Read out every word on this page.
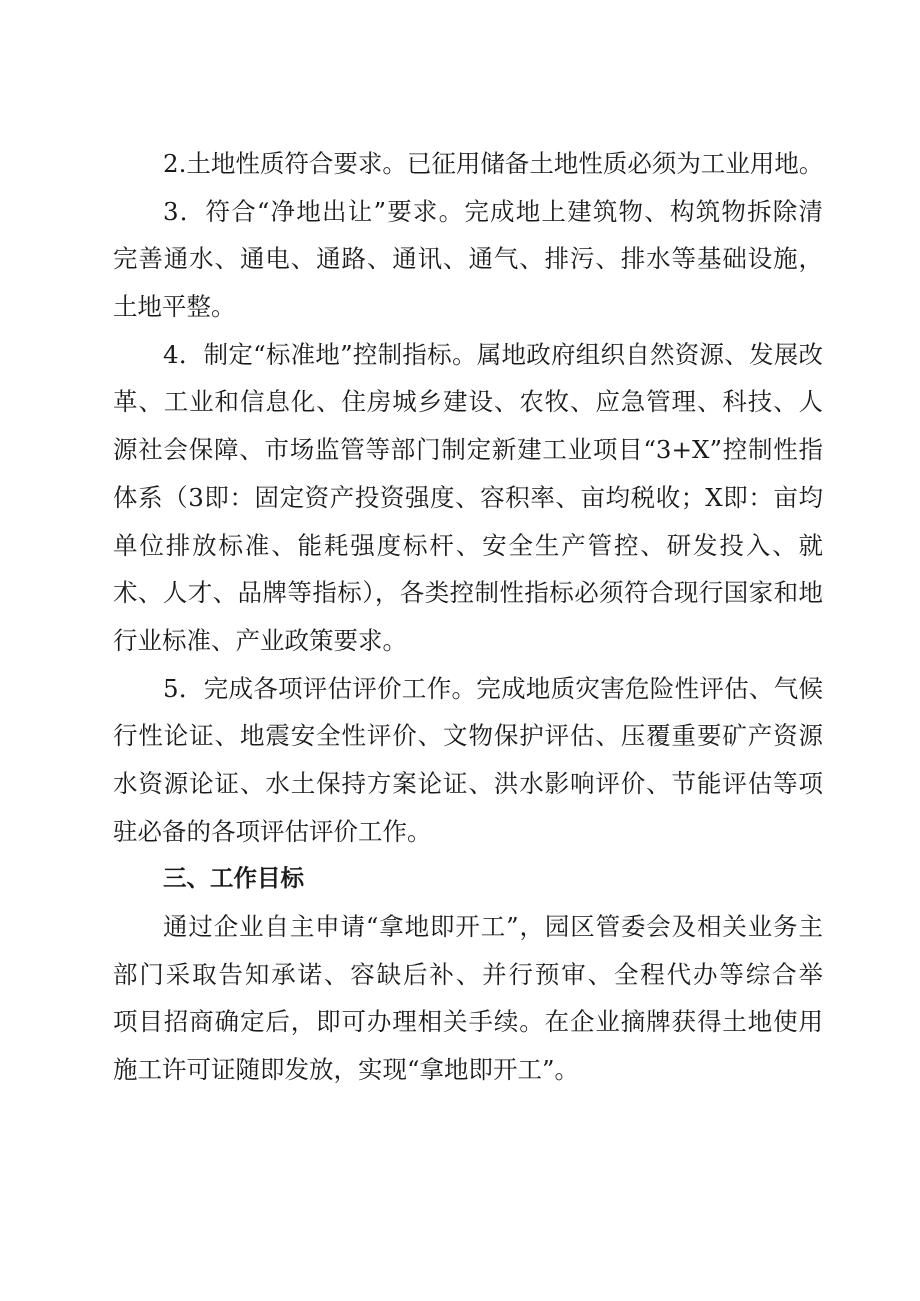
2.土地性质符合要求。已征用储备土地性质必须为工业用地。
3．符合“净地出让”要求。完成地上建筑物、构筑物拆除清
完善通水、通电、通路、通讯、通气、排污、排水等基础设施，
土地平整。
4．制定“标准地”控制指标。属地政府组织自然资源、发展改
革、工业和信息化、住房城乡建设、农牧、应急管理、科技、人
源社会保障、市场监管等部门制定新建工业项目“3+X”控制性指
体系（3即：固定资产投资强度、容积率、亩均税收；X即：亩均
单位排放标准、能耗强度标杆、安全生产管控、研发投入、就
术、人才、品牌等指标），各类控制性指标必须符合现行国家和地
行业标准、产业政策要求。
5．完成各项评估评价工作。完成地质灾害危险性评估、气候
行性论证、地震安全性评价、文物保护评估、压覆重要矿产资源
水资源论证、水土保持方案论证、洪水影响评价、节能评估等项
驻必备的各项评估评价工作。
三、工作目标
通过企业自主申请“拿地即开工”，园区管委会及相关业务主
部门采取告知承诺、容缺后补、并行预审、全程代办等综合举
项目招商确定后，即可办理相关手续。在企业摘牌获得土地使用
施工许可证随即发放，实现“拿地即开工”。
